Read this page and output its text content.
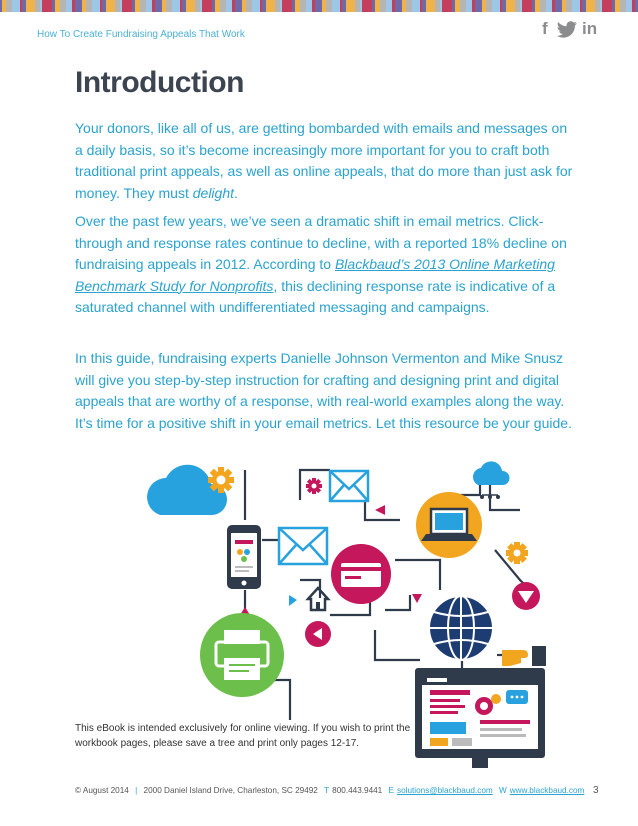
How To Create Fundraising Appeals That Work	f in
Introduction

Your donors, like all of us, are getting bombarded with emails and messages on a daily basis, so it’s become increasingly more important for you to craft both traditional print appeals, as well as online appeals, that do more than just ask for money. They must delight.

Over the past few years, we’ve seen a dramatic shift in email metrics. Click-through and response rates continue to decline, with a reported 18% decline on fundraising appeals in 2012. According to Blackbaud’s 2013 Online Marketing Benchmark Study for Nonprofits, this declining response rate is indicative of a saturated channel with undifferentiated messaging and campaigns.

In this guide, fundraising experts Danielle Johnson Vermenton and Mike Snusz will give you step-by-step instruction for crafting and designing print and digital appeals that are worthy of a response, with real-world examples along the way. It’s time for a positive shift in your email metrics. Let this resource be your guide.

This eBook is intended exclusively for online viewing. If you wish to print the workbook pages, please save a tree and print only pages 12-17.
© August 2014 | 2000 Daniel Island Drive, Charleston, SC 29492 T 800.443.9441 E solutions@blackbaud.com W www.blackbaud.com 3
